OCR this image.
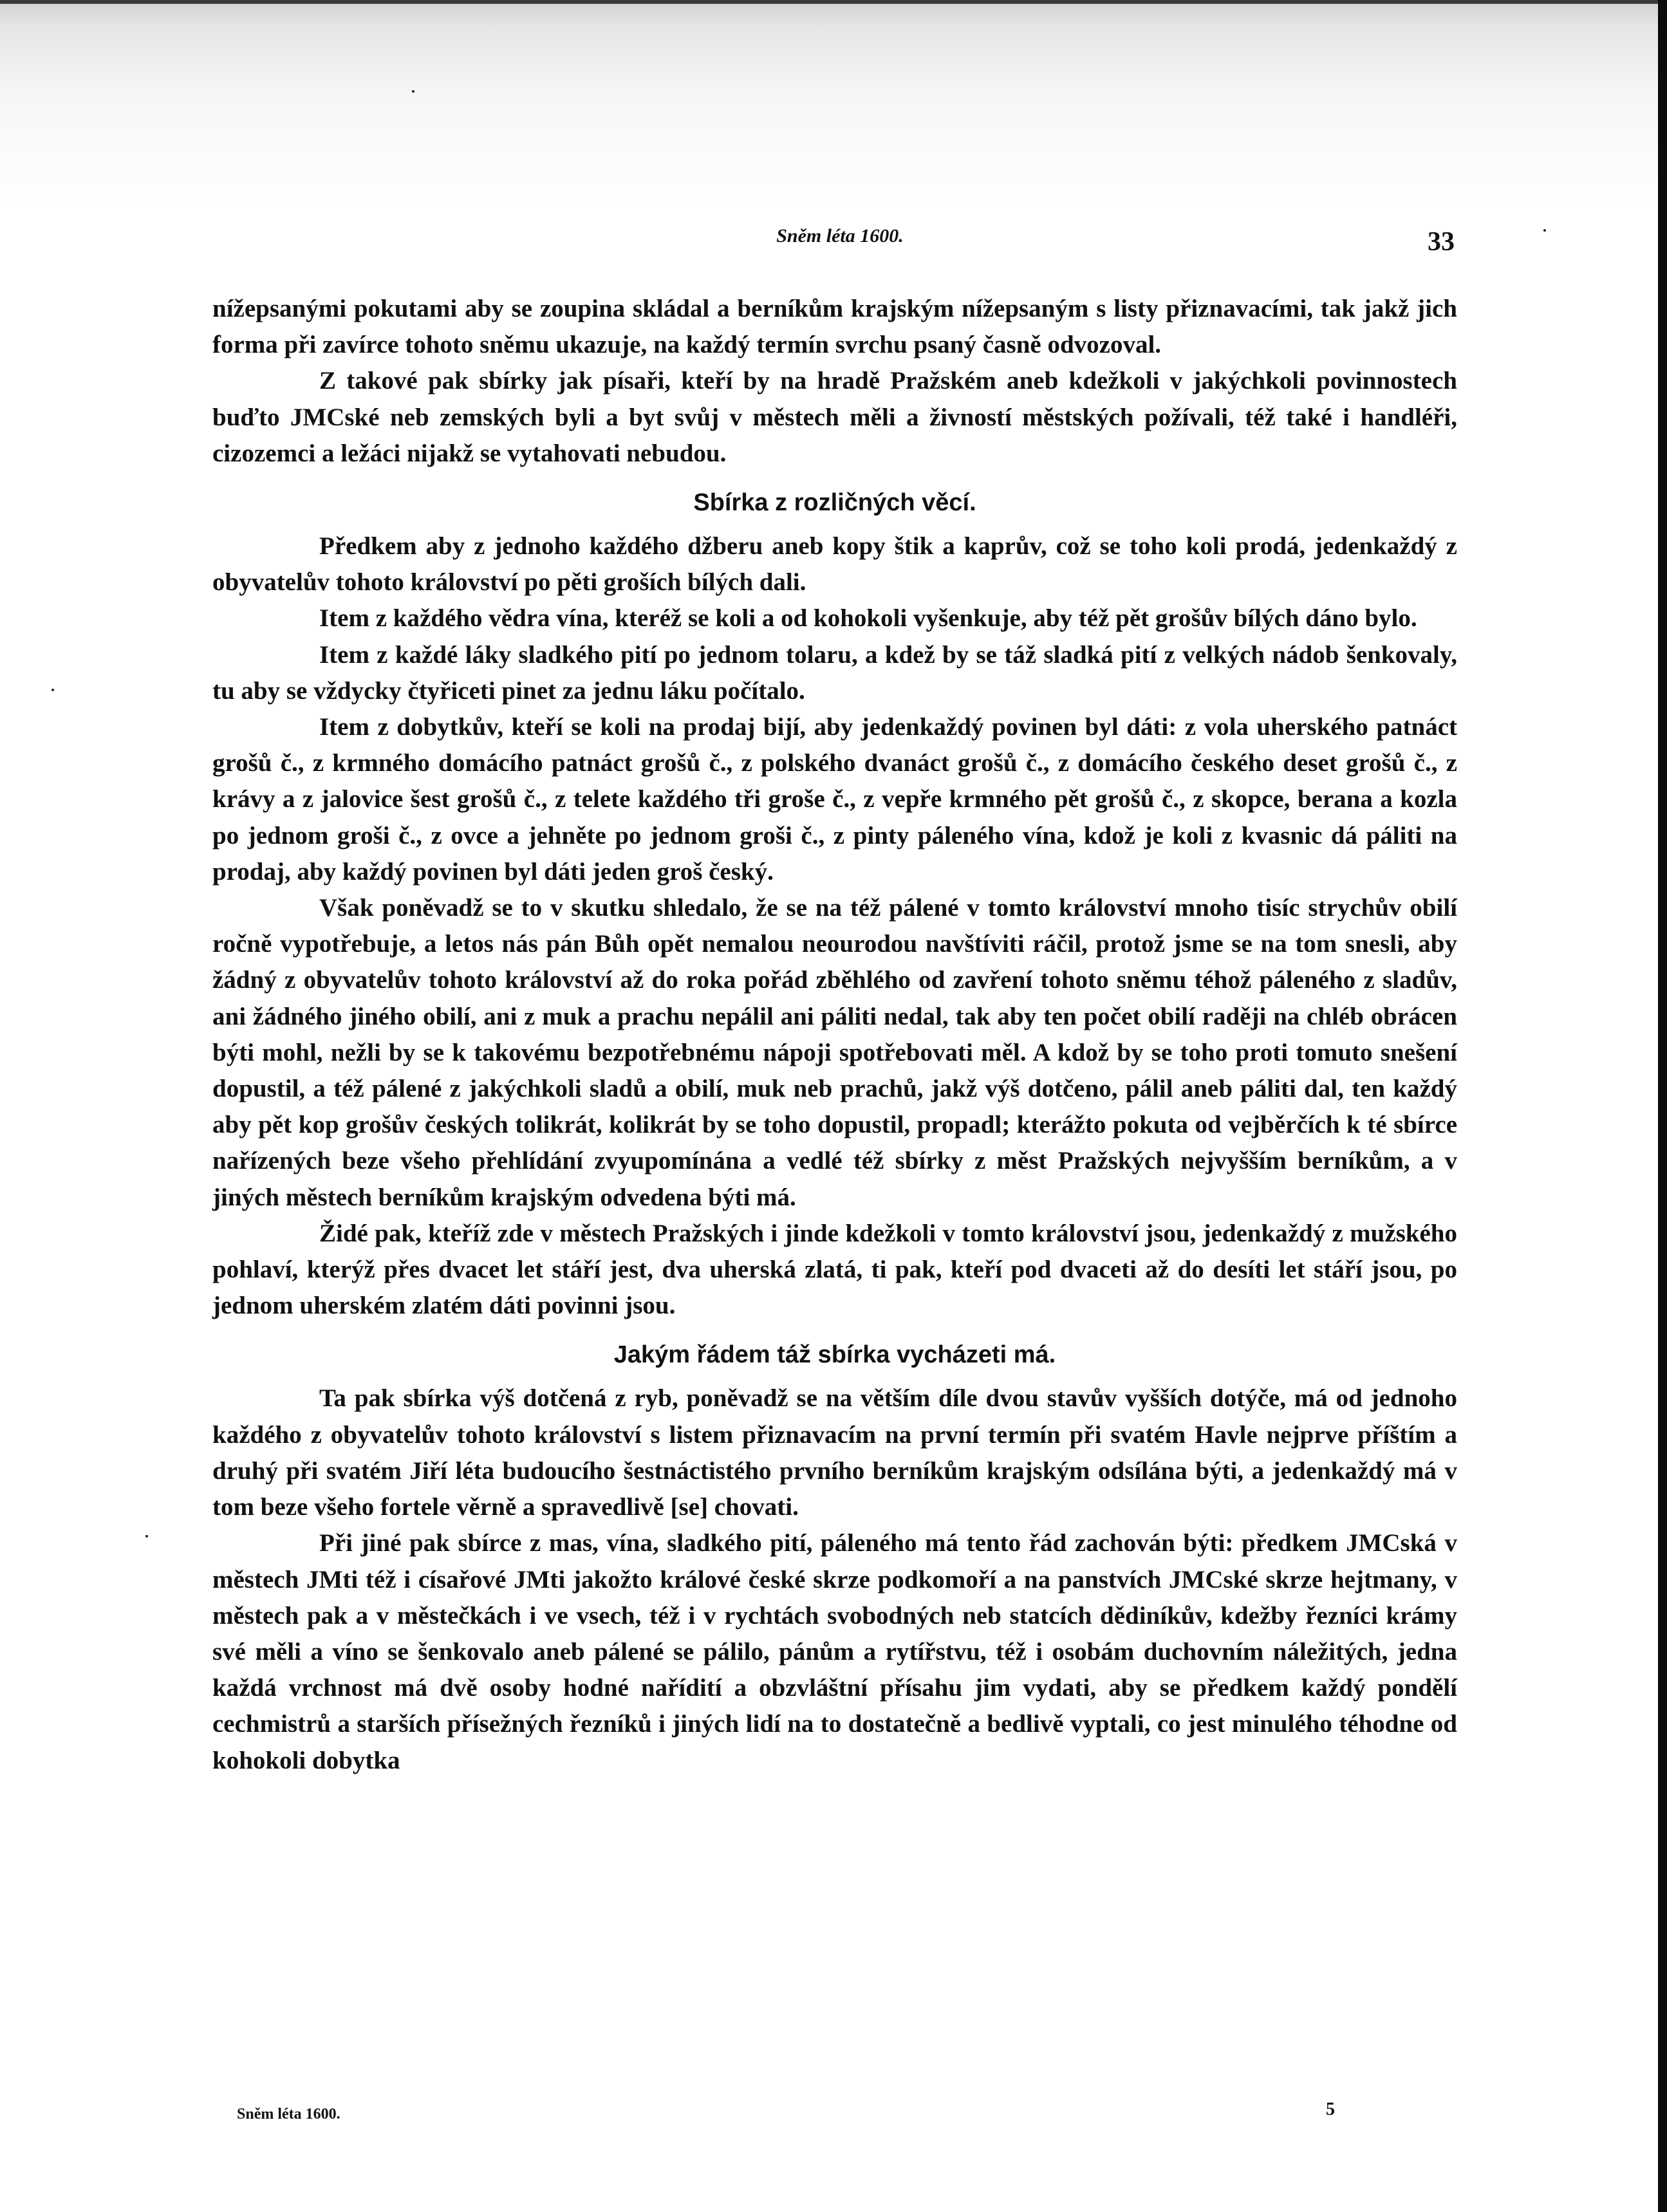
Sněm léta 1600.	33

nížepsanými pokutami aby se zoupina skládal a berníkům krajským nížepsaným s listy přiznavacími, tak jakž jich forma při zavírce tohoto sněmu ukazuje, na každý termín svrchu psaný časně odvozoval.

Z takové pak sbírky jak písaři, kteří by na hradě Pražském aneb kdežkoli v jakýchkoli povinnostech buďto JMCské neb zemských byli a byt svůj v městech měli a živností městských požívali, též také i handléři, cizozemci a ležáci nijakž se vytahovati nebudou.

Sbírka z rozličných věcí.

Předkem aby z jednoho každého džberu aneb kopy štik a kaprův, což se toho koli prodá, jedenkaždý z obyvatelův tohoto království po pěti groších bílých dali.

Item z každého vědra vína, kteréž se koli a od kohokoli vyšenkuje, aby též pět grošův bílých dáno bylo.

Item z každé láky sladkého pití po jednom tolaru, a kdež by se táž sladká pití z velkých nádob šenkovaly, tu aby se vždycky čtyřiceti pinet za jednu láku počítalo.

Item z dobytkův, kteří se koli na prodaj bijí, aby jedenkaždý povinen byl dáti: z vola uherského patnáct grošů č., z krmného domácího patnáct grošů č., z polského dvanáct grošů č., z domácího českého deset grošů č., z krávy a z jalovice šest grošů č., z telete každého tři groše č., z vepře krmného pět grošů č., z skopce, berana a kozla po jednom groši č., z ovce a jehněte po jednom groši č., z pinty páleného vína, kdož je koli z kvasnic dá páliti na prodaj, aby každý povinen byl dáti jeden groš český.

Však poněvadž se to v skutku shledalo, že se na též pálené v tomto království mnoho tisíc strychův obilí ročně vypotřebuje, a letos nás pán Bůh opět nemalou neourodou navštíviti ráčil, protož jsme se na tom snesli, aby žádný z obyvatelův tohoto království až do roka pořád zběhlého od zavření tohoto sněmu téhož páleného z sladův, ani žádného jiného obilí, ani z muk a prachu nepálil ani páliti nedal, tak aby ten počet obilí raději na chléb obrácen býti mohl, nežli by se k takovému bezpotřebnému nápoji spotřebovati měl. A kdož by se toho proti tomuto snešení dopustil, a též pálené z jakýchkoli sladů a obilí, muk neb prachů, jakž výš dotčeno, pálil aneb páliti dal, ten každý aby pět kop grošův českých tolikrát, kolikrát by se toho dopustil, propadl; kterážto pokuta od vejběrčích k té sbírce nařízených beze všeho přehlídání zvyupomínána a vedlé též sbírky z měst Pražských nejvyšším berníkům, a v jiných městech berníkům krajským odvedena býti má.

Židé pak, kteříž zde v městech Pražských i jinde kdežkoli v tomto království jsou, jedenkaždý z mužského pohlaví, kterýž přes dvacet let stáří jest, dva uherská zlatá, ti pak, kteří pod dvaceti až do desíti let stáří jsou, po jednom uherském zlatém dáti povinni jsou.

Jakým řádem táž sbírka vycházeti má.

Ta pak sbírka výš dotčená z ryb, poněvadž se na větším díle dvou stavův vyšších dotýče, má od jednoho každého z obyvatelův tohoto království s listem přiznavacím na první termín při svatém Havle nejprve příštím a druhý při svatém Jiří léta budoucího šestnáctistého prvního berníkům krajským odsílána býti, a jedenkaždý má v tom beze všeho fortele věrně a spravedlivě [se] chovati.

Při jiné pak sbírce z mas, vína, sladkého pití, páleného má tento řád zachován býti: předkem JMCská v městech JMti též i císařové JMti jakožto králové české skrze podkomoří a na panstvích JMCské skrze hejtmany, v městech pak a v městečkách i ve vsech, též i v rychtách svobodných neb statcích dědiníkův, kdežby řezníci krámy své měli a víno se šenkovalo aneb pálené se pálilo, pánům a rytířstvu, též i osobám duchovním náležitých, jedna každá vrchnost má dvě osoby hodné nařídití a obzvláštní přísahu jim vydati, aby se předkem každý pondělí cechmistrů a starších přísežných řezníků i jiných lidí na to dostatečně a bedlivě vyptali, co jest minulého téhodne od kohokoli dobytka

Sněm léta 1600.	5
